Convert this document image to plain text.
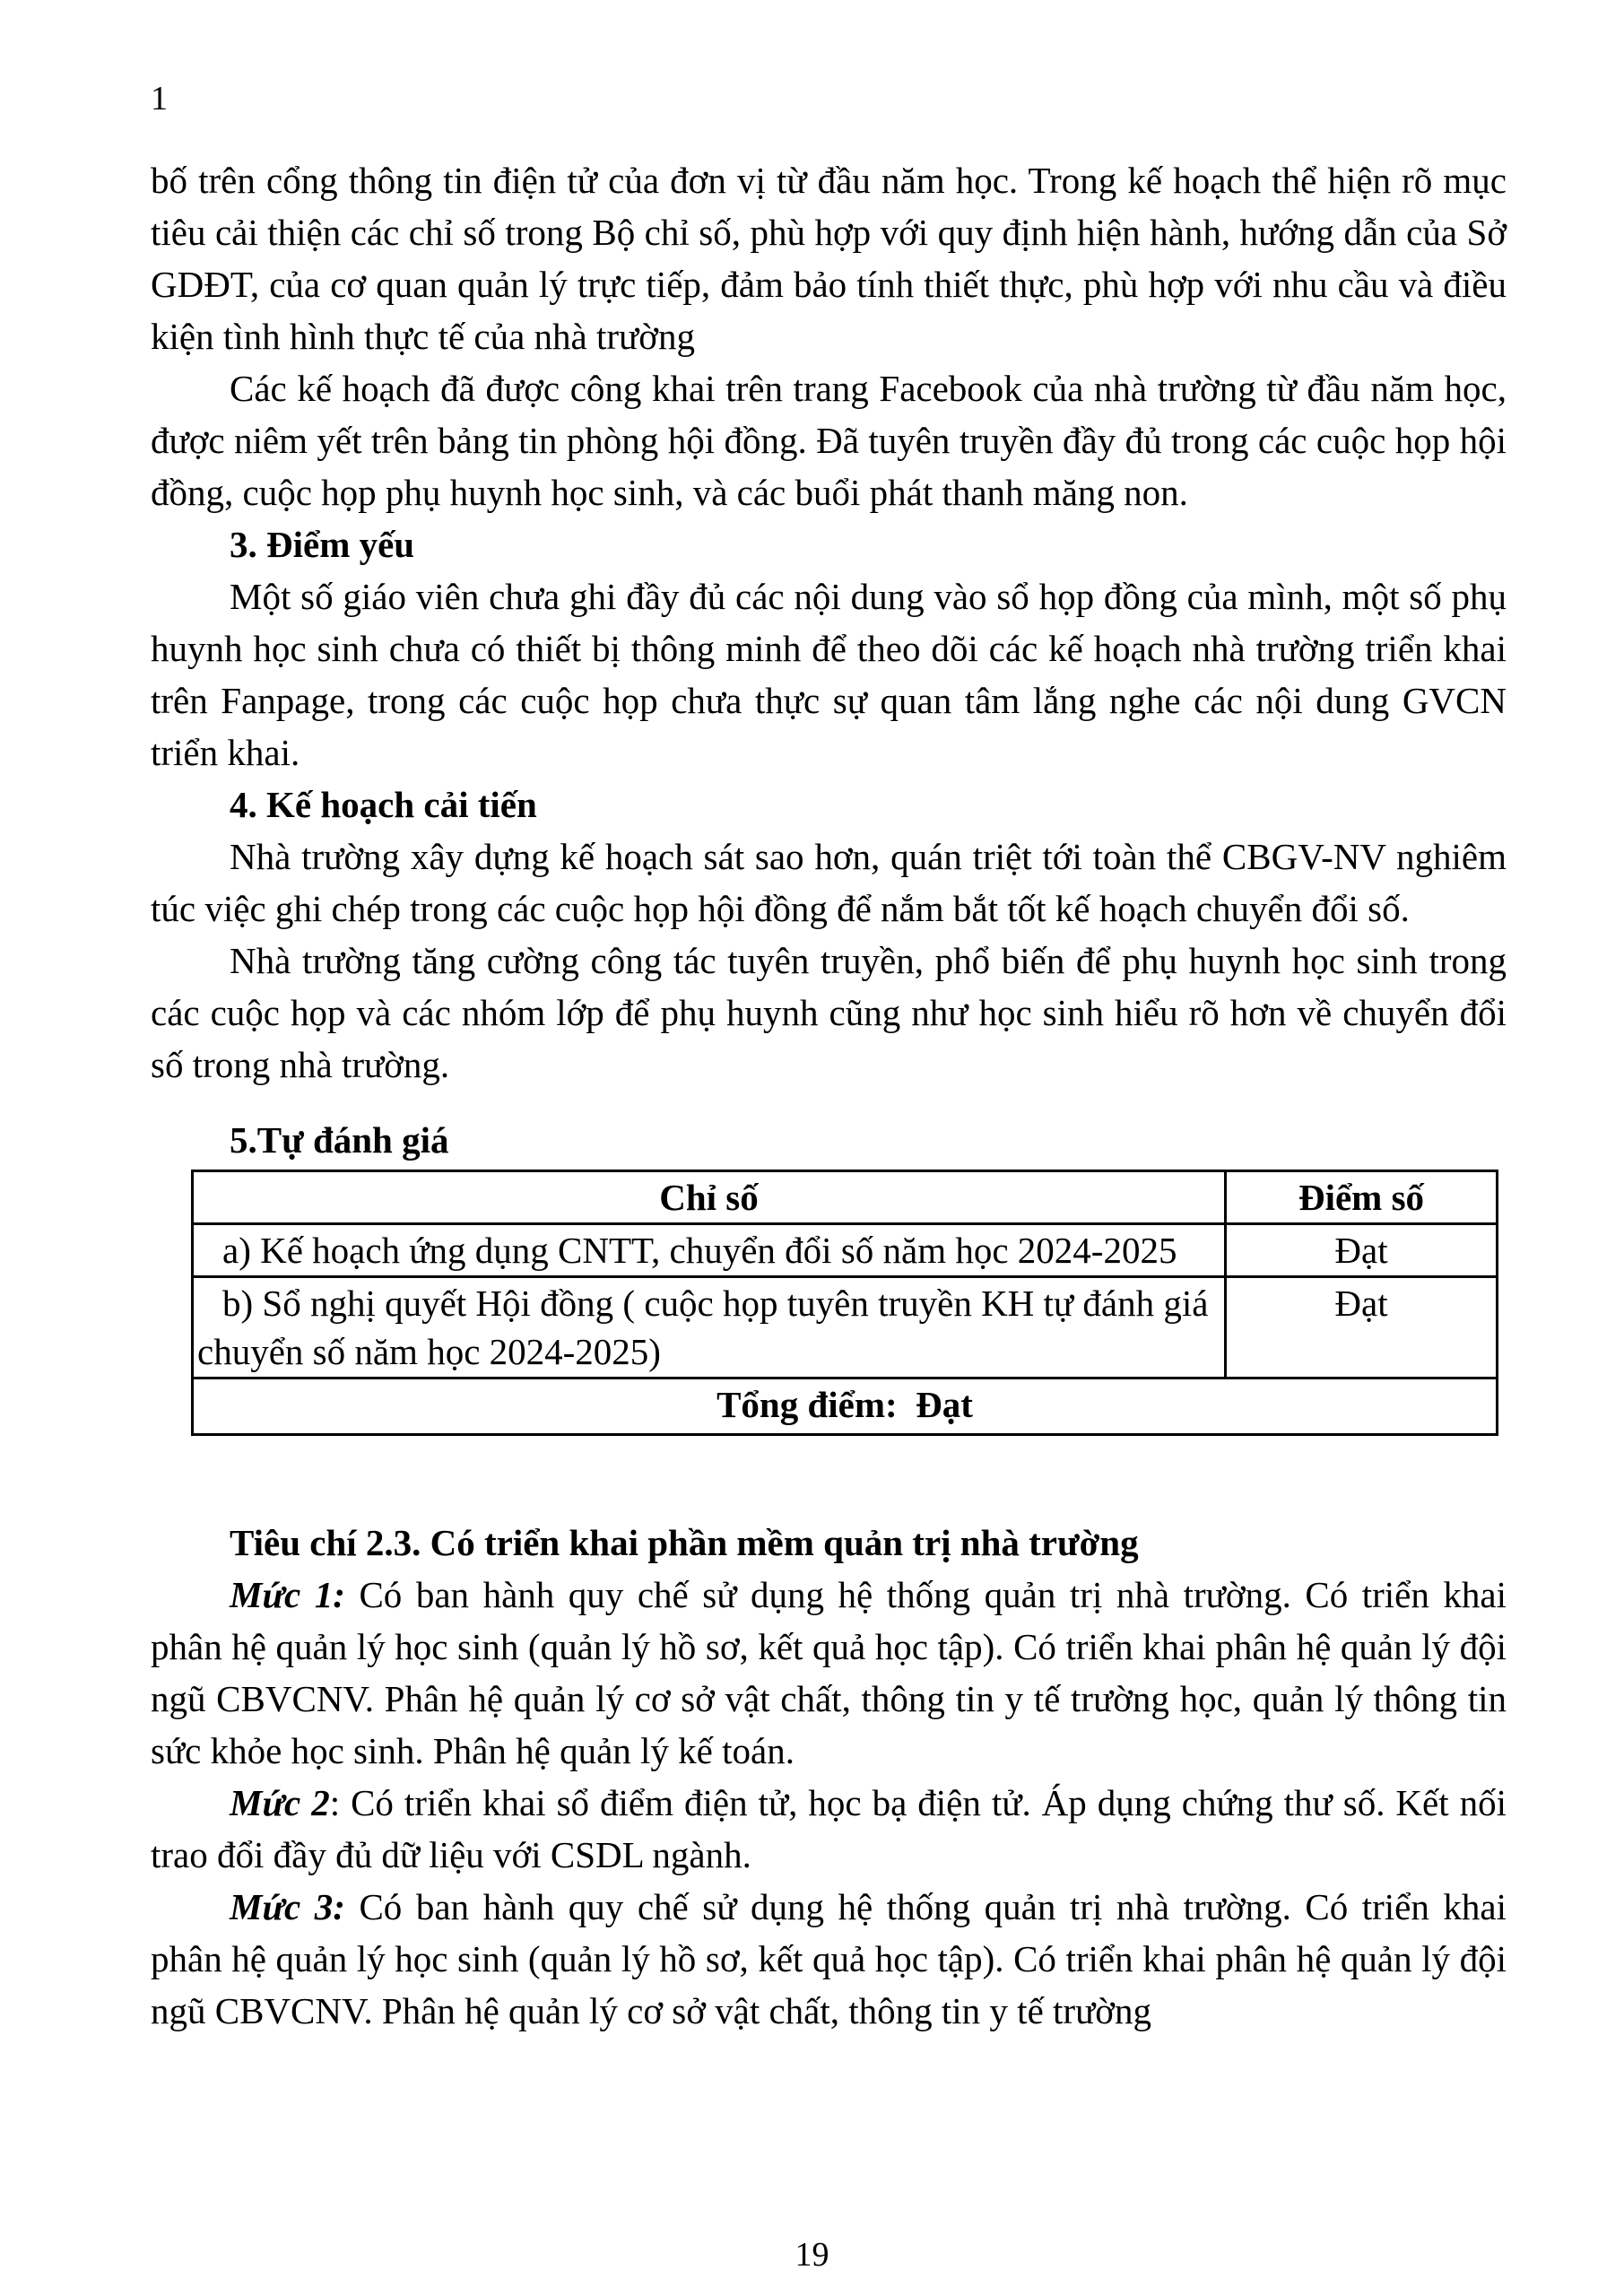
1

bố trên cổng thông tin điện tử của đơn vị từ đầu năm học. Trong kế hoạch thể hiện rõ mục tiêu cải thiện các chỉ số trong Bộ chỉ số, phù hợp với quy định hiện hành, hướng dẫn của Sở GDĐT, của cơ quan quản lý trực tiếp, đảm bảo tính thiết thực, phù hợp với nhu cầu và điều kiện tình hình thực tế của nhà trường

Các kế hoạch đã được công khai trên trang Facebook của nhà trường từ đầu năm học, được niêm yết trên bảng tin phòng hội đồng. Đã tuyên truyền đầy đủ trong các cuộc họp hội đồng, cuộc họp phụ huynh học sinh, và các buổi phát thanh măng non.

3. Điểm yếu

Một số giáo viên chưa ghi đầy đủ các nội dung vào sổ họp đồng của mình, một số phụ huynh học sinh chưa có thiết bị thông minh để theo dõi các kế hoạch nhà trường triển khai trên Fanpage, trong các cuộc họp chưa thực sự quan tâm lắng nghe các nội dung GVCN triển khai.

4. Kế hoạch cải tiến

Nhà trường xây dựng kế hoạch sát sao hơn, quán triệt tới toàn thể CBGV-NV nghiêm túc việc ghi chép trong các cuộc họp hội đồng để nắm bắt tốt kế hoạch chuyển đổi số.

Nhà trường tăng cường công tác tuyên truyền, phổ biến để phụ huynh học sinh trong các cuộc họp và các nhóm lớp để phụ huynh cũng như học sinh hiểu rõ hơn về chuyển đổi số trong nhà trường.

5.Tự đánh giá

Chỉ số	Điểm số
a) Kế hoạch ứng dụng CNTT, chuyển đổi số năm học 2024-2025	Đạt
b) Sổ nghị quyết Hội đồng ( cuộc họp tuyên truyền KH tự đánh giá chuyển số năm học 2024-2025)	Đạt
Tổng điểm:  Đạt	

Tiêu chí 2.3. Có triển khai phần mềm quản trị nhà trường

Mức 1: Có ban hành quy chế sử dụng hệ thống quản trị nhà trường. Có triển khai phân hệ quản lý học sinh (quản lý hồ sơ, kết quả học tập). Có triển khai phân hệ quản lý đội ngũ CBVCNV. Phân hệ quản lý cơ sở vật chất, thông tin y tế trường học, quản lý thông tin sức khỏe học sinh. Phân hệ quản lý kế toán.

Mức 2: Có triển khai sổ điểm điện tử, học bạ điện tử. Áp dụng chứng thư số. Kết nối trao đổi đầy đủ dữ liệu với CSDL ngành.

Mức 3: Có ban hành quy chế sử dụng hệ thống quản trị nhà trường. Có triển khai phân hệ quản lý học sinh (quản lý hồ sơ, kết quả học tập). Có triển khai phân hệ quản lý đội ngũ CBVCNV. Phân hệ quản lý cơ sở vật chất, thông tin y tế trường

19
